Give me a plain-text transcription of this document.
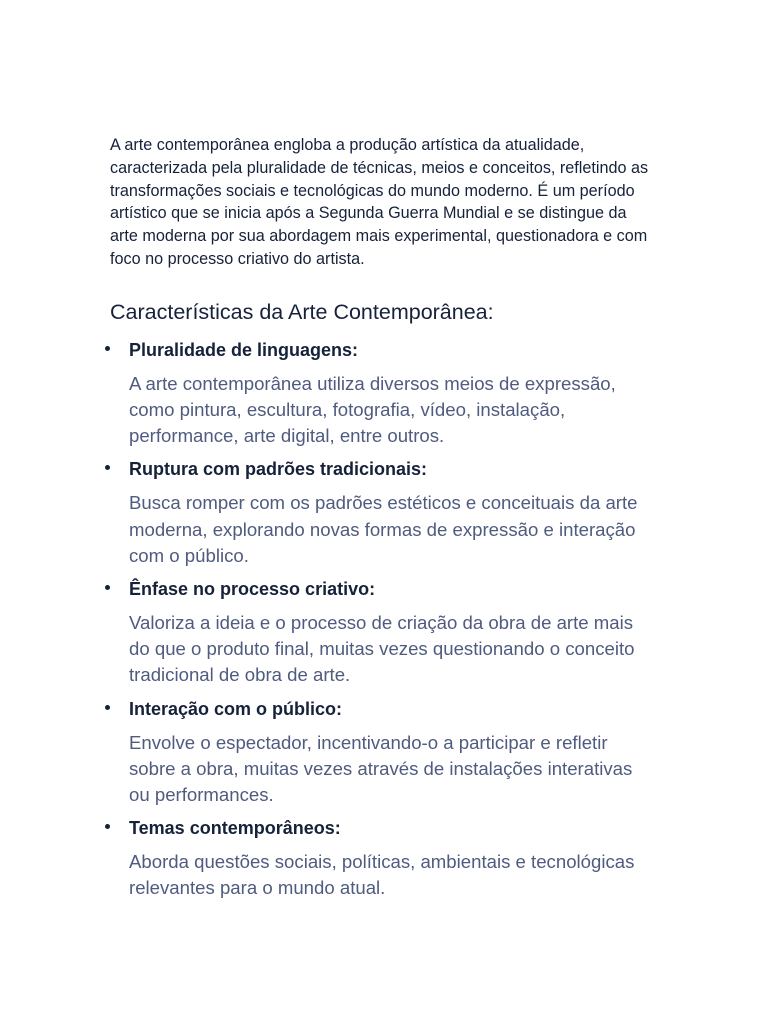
A arte contemporânea engloba a produção artística da atualidade, caracterizada pela pluralidade de técnicas, meios e conceitos, refletindo as transformações sociais e tecnológicas do mundo moderno. É um período artístico que se inicia após a Segunda Guerra Mundial e se distingue da arte moderna por sua abordagem mais experimental, questionadora e com foco no processo criativo do artista.

Características da Arte Contemporânea:

Pluralidade de linguagens:

A arte contemporânea utiliza diversos meios de expressão, como pintura, escultura, fotografia, vídeo, instalação, performance, arte digital, entre outros.

Ruptura com padrões tradicionais:

Busca romper com os padrões estéticos e conceituais da arte moderna, explorando novas formas de expressão e interação com o público.

Ênfase no processo criativo:

Valoriza a ideia e o processo de criação da obra de arte mais do que o produto final, muitas vezes questionando o conceito tradicional de obra de arte.

Interação com o público:

Envolve o espectador, incentivando-o a participar e refletir sobre a obra, muitas vezes através de instalações interativas ou performances.

Temas contemporâneos:

Aborda questões sociais, políticas, ambientais e tecnológicas relevantes para o mundo atual.
